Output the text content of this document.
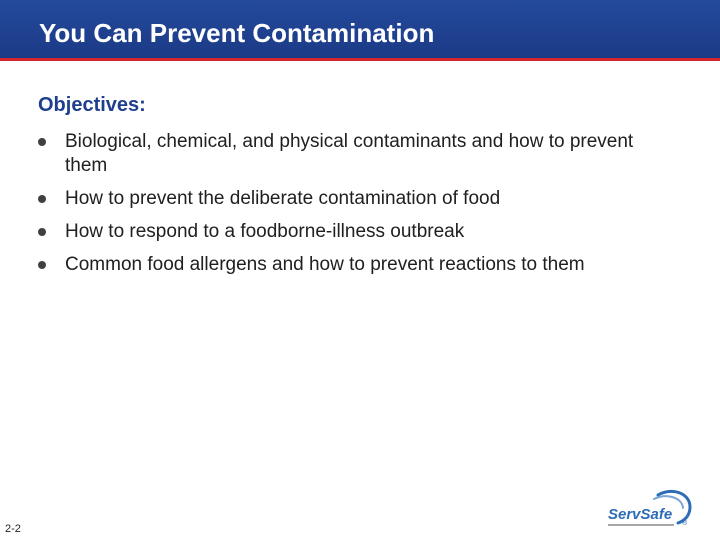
You Can Prevent Contamination
Objectives:
Biological, chemical, and physical contaminants and how to prevent them
How to prevent the deliberate contamination of food
How to respond to a foodborne-illness outbreak
Common food allergens and how to prevent reactions to them

2-2

ServSafe
®
